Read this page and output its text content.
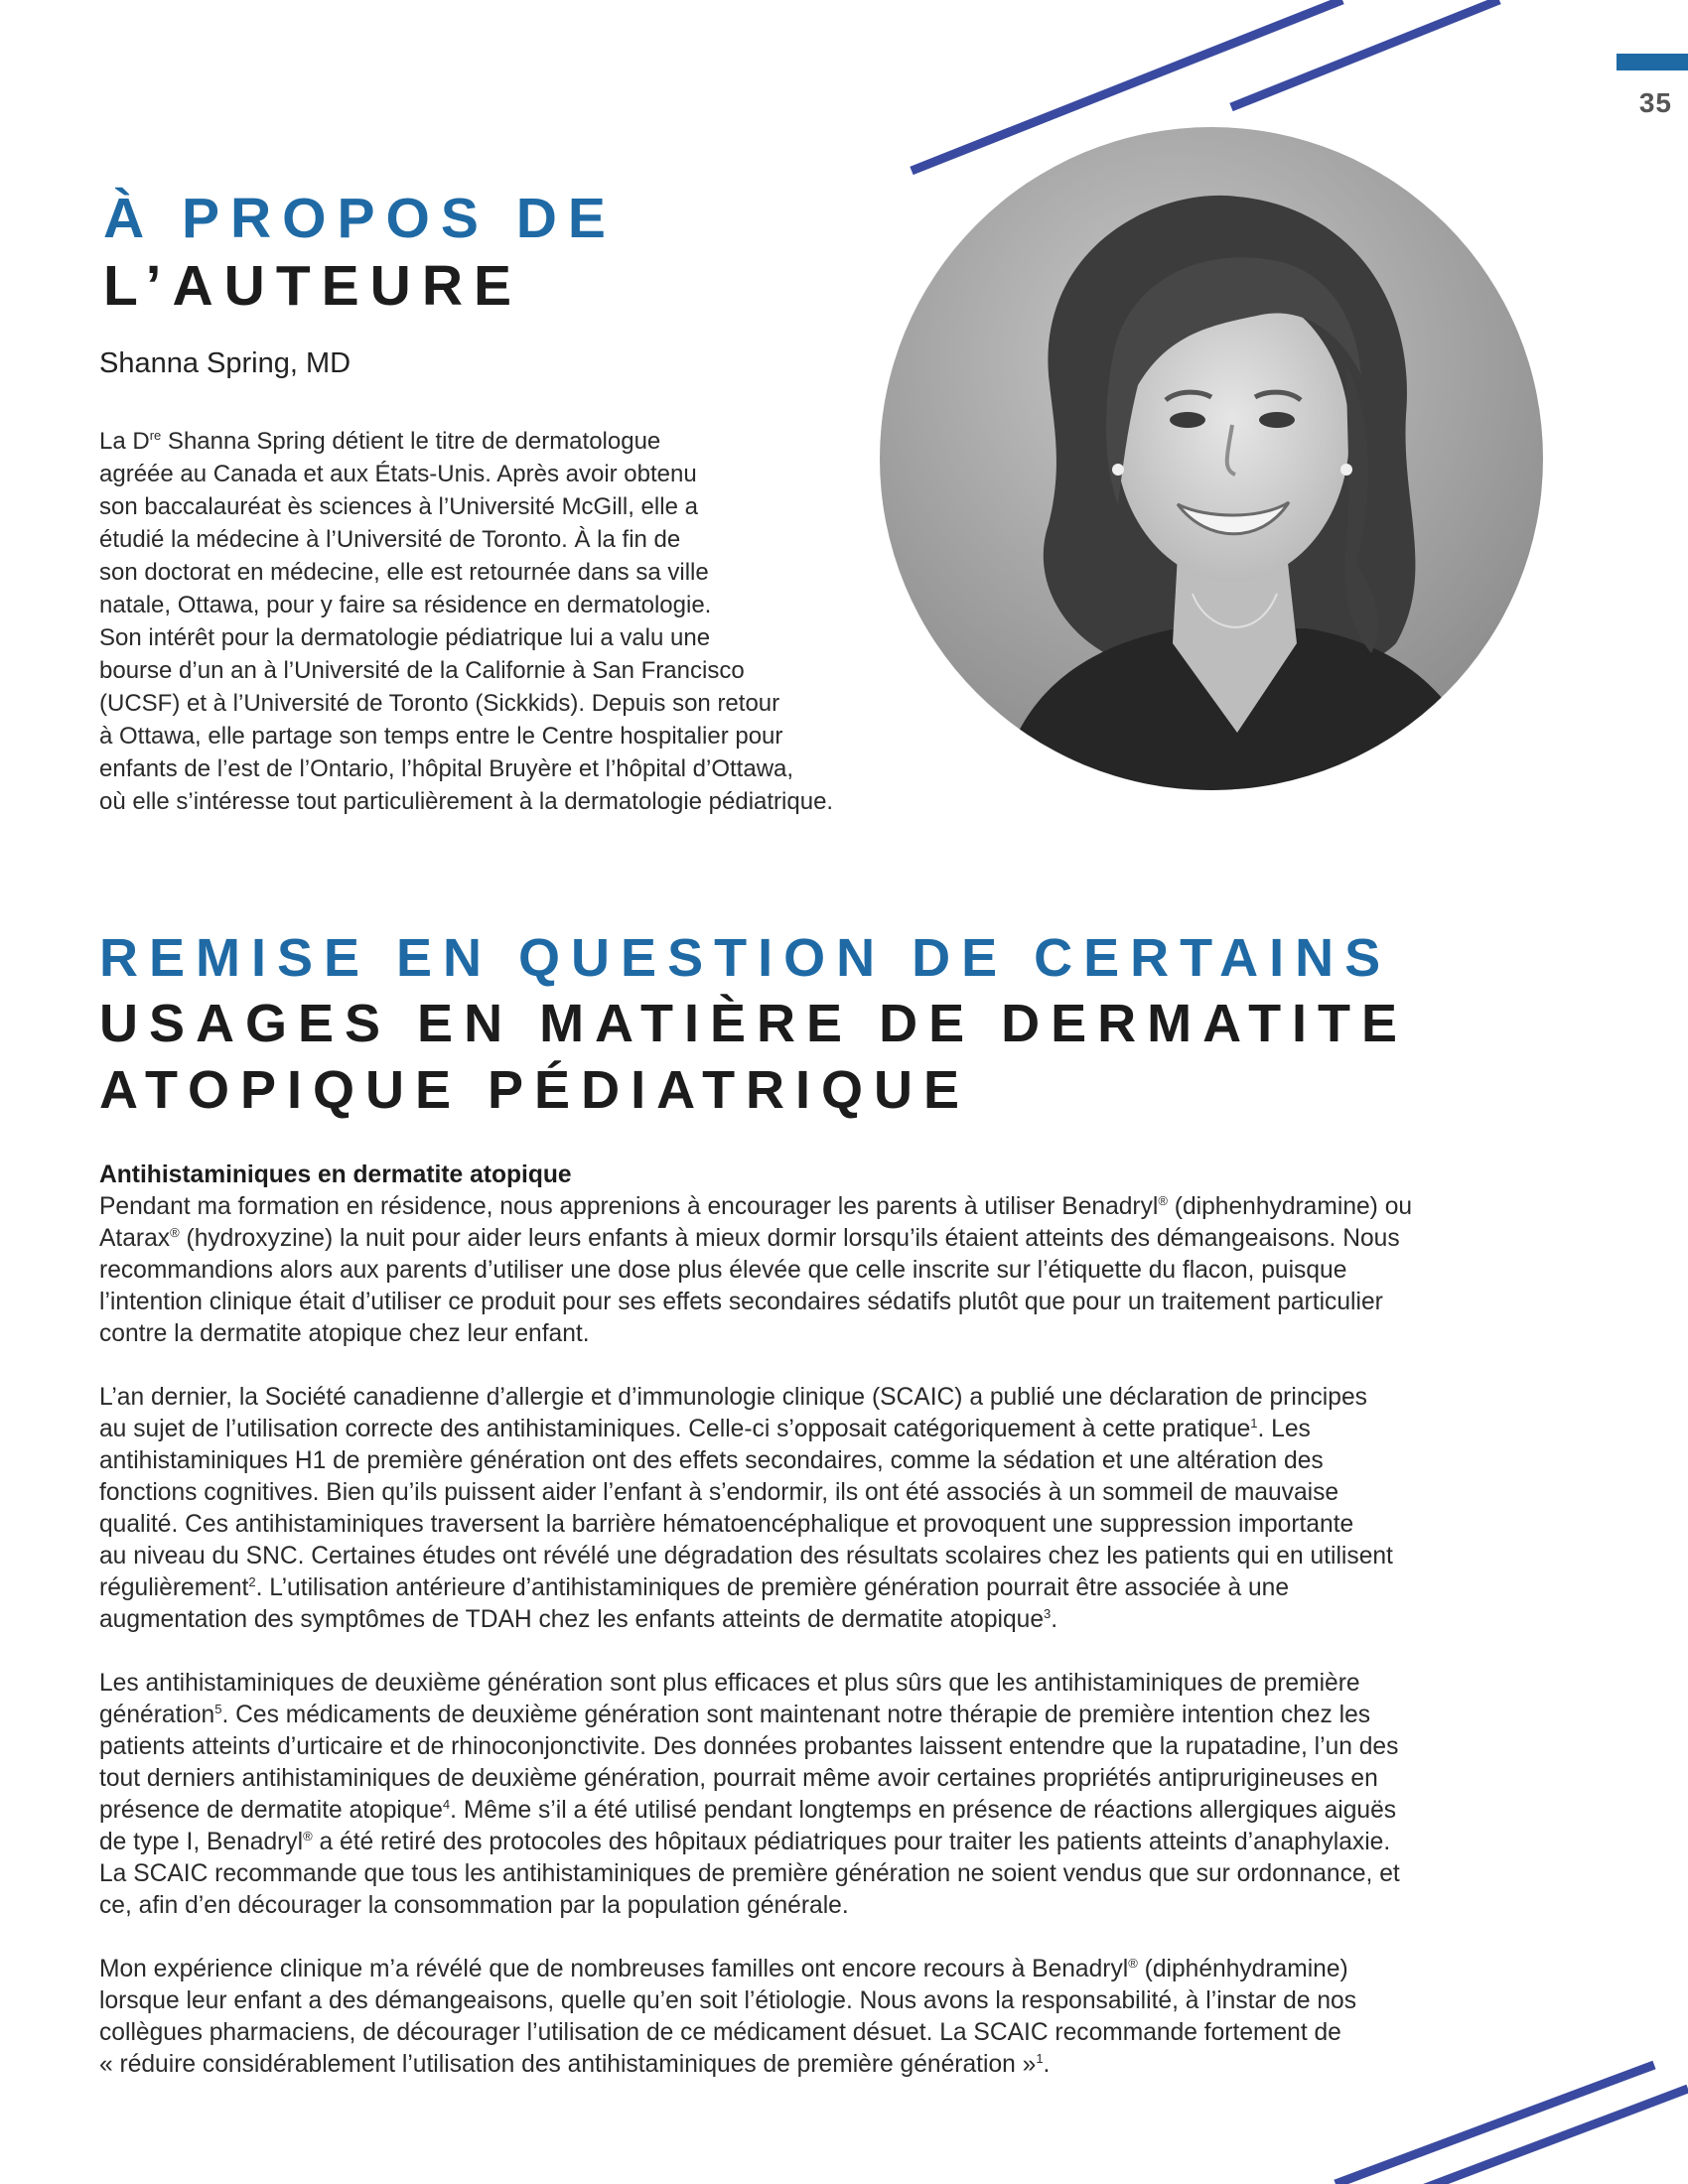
35
À PROPOS DE
L’AUTEURE
Shanna Spring, MD
La Dre Shanna Spring détient le titre de dermatologue
agréée au Canada et aux États-Unis. Après avoir obtenu
son baccalauréat ès sciences à l’Université McGill, elle a
étudié la médecine à l’Université de Toronto. À la fin de
son doctorat en médecine, elle est retournée dans sa ville
natale, Ottawa, pour y faire sa résidence en dermatologie.
Son intérêt pour la dermatologie pédiatrique lui a valu une
bourse d’un an à l’Université de la Californie à San Francisco
(UCSF) et à l’Université de Toronto (Sickkids). Depuis son retour
à Ottawa, elle partage son temps entre le Centre hospitalier pour
enfants de l’est de l’Ontario, l’hôpital Bruyère et l’hôpital d’Ottawa,
où elle s’intéresse tout particulièrement à la dermatologie pédiatrique.
REMISE EN QUESTION DE CERTAINS
USAGES EN MATIÈRE DE DERMATITE
ATOPIQUE PÉDIATRIQUE
Antihistaminiques en dermatite atopique

Pendant ma formation en résidence, nous apprenions à encourager les parents à utiliser Benadryl® (diphenhydramine) ou
Atarax® (hydroxyzine) la nuit pour aider leurs enfants à mieux dormir lorsqu’ils étaient atteints des démangeaisons. Nous
recommandions alors aux parents d’utiliser une dose plus élevée que celle inscrite sur l’étiquette du flacon, puisque
l’intention clinique était d’utiliser ce produit pour ses effets secondaires sédatifs plutôt que pour un traitement particulier
contre la dermatite atopique chez leur enfant.

L’an dernier, la Société canadienne d’allergie et d’immunologie clinique (SCAIC) a publié une déclaration de principes
au sujet de l’utilisation correcte des antihistaminiques. Celle-ci s’opposait catégoriquement à cette pratique$^1$. Les
antihistaminiques H1 de première génération ont des effets secondaires, comme la sédation et une altération des
fonctions cognitives. Bien qu’ils puissent aider l’enfant à s’endormir, ils ont été associés à un sommeil de mauvaise
qualité. Ces antihistaminiques traversent la barrière hématoencéphalique et provoquent une suppression importante
au niveau du SNC. Certaines études ont révélé une dégradation des résultats scolaires chez les patients qui en utilisent
régulièrement$^2$. L’utilisation antérieure d’antihistaminiques de première génération pourrait être associée à une
augmentation des symptômes de TDAH chez les enfants atteints de dermatite atopique$^3$.

Les antihistaminiques de deuxième génération sont plus efficaces et plus sûrs que les antihistaminiques de première
génération$^5$. Ces médicaments de deuxième génération sont maintenant notre thérapie de première intention chez les
patients atteints d’urticaire et de rhinoconjonctivite. Des données probantes laissent entendre que la rupatadine, l’un des
tout derniers antihistaminiques de deuxième génération, pourrait même avoir certaines propriétés antiprurigineuses en
présence de dermatite atopique$^4$. Même s’il a été utilisé pendant longtemps en présence de réactions allergiques aiguës
de type I, Benadryl® a été retiré des protocoles des hôpitaux pédiatriques pour traiter les patients atteints d’anaphylaxie.
La SCAIC recommande que tous les antihistaminiques de première génération ne soient vendus que sur ordonnance, et
ce, afin d’en décourager la consommation par la population générale.

Mon expérience clinique m’a révélé que de nombreuses familles ont encore recours à Benadryl® (diphénhydramine)
lorsque leur enfant a des démangeaisons, quelle qu’en soit l’étiologie. Nous avons la responsabilité, à l’instar de nos
collègues pharmaciens, de décourager l’utilisation de ce médicament désuet. La SCAIC recommande fortement de
« réduire considérablement l’utilisation des antihistaminiques de première génération »$^1$.
